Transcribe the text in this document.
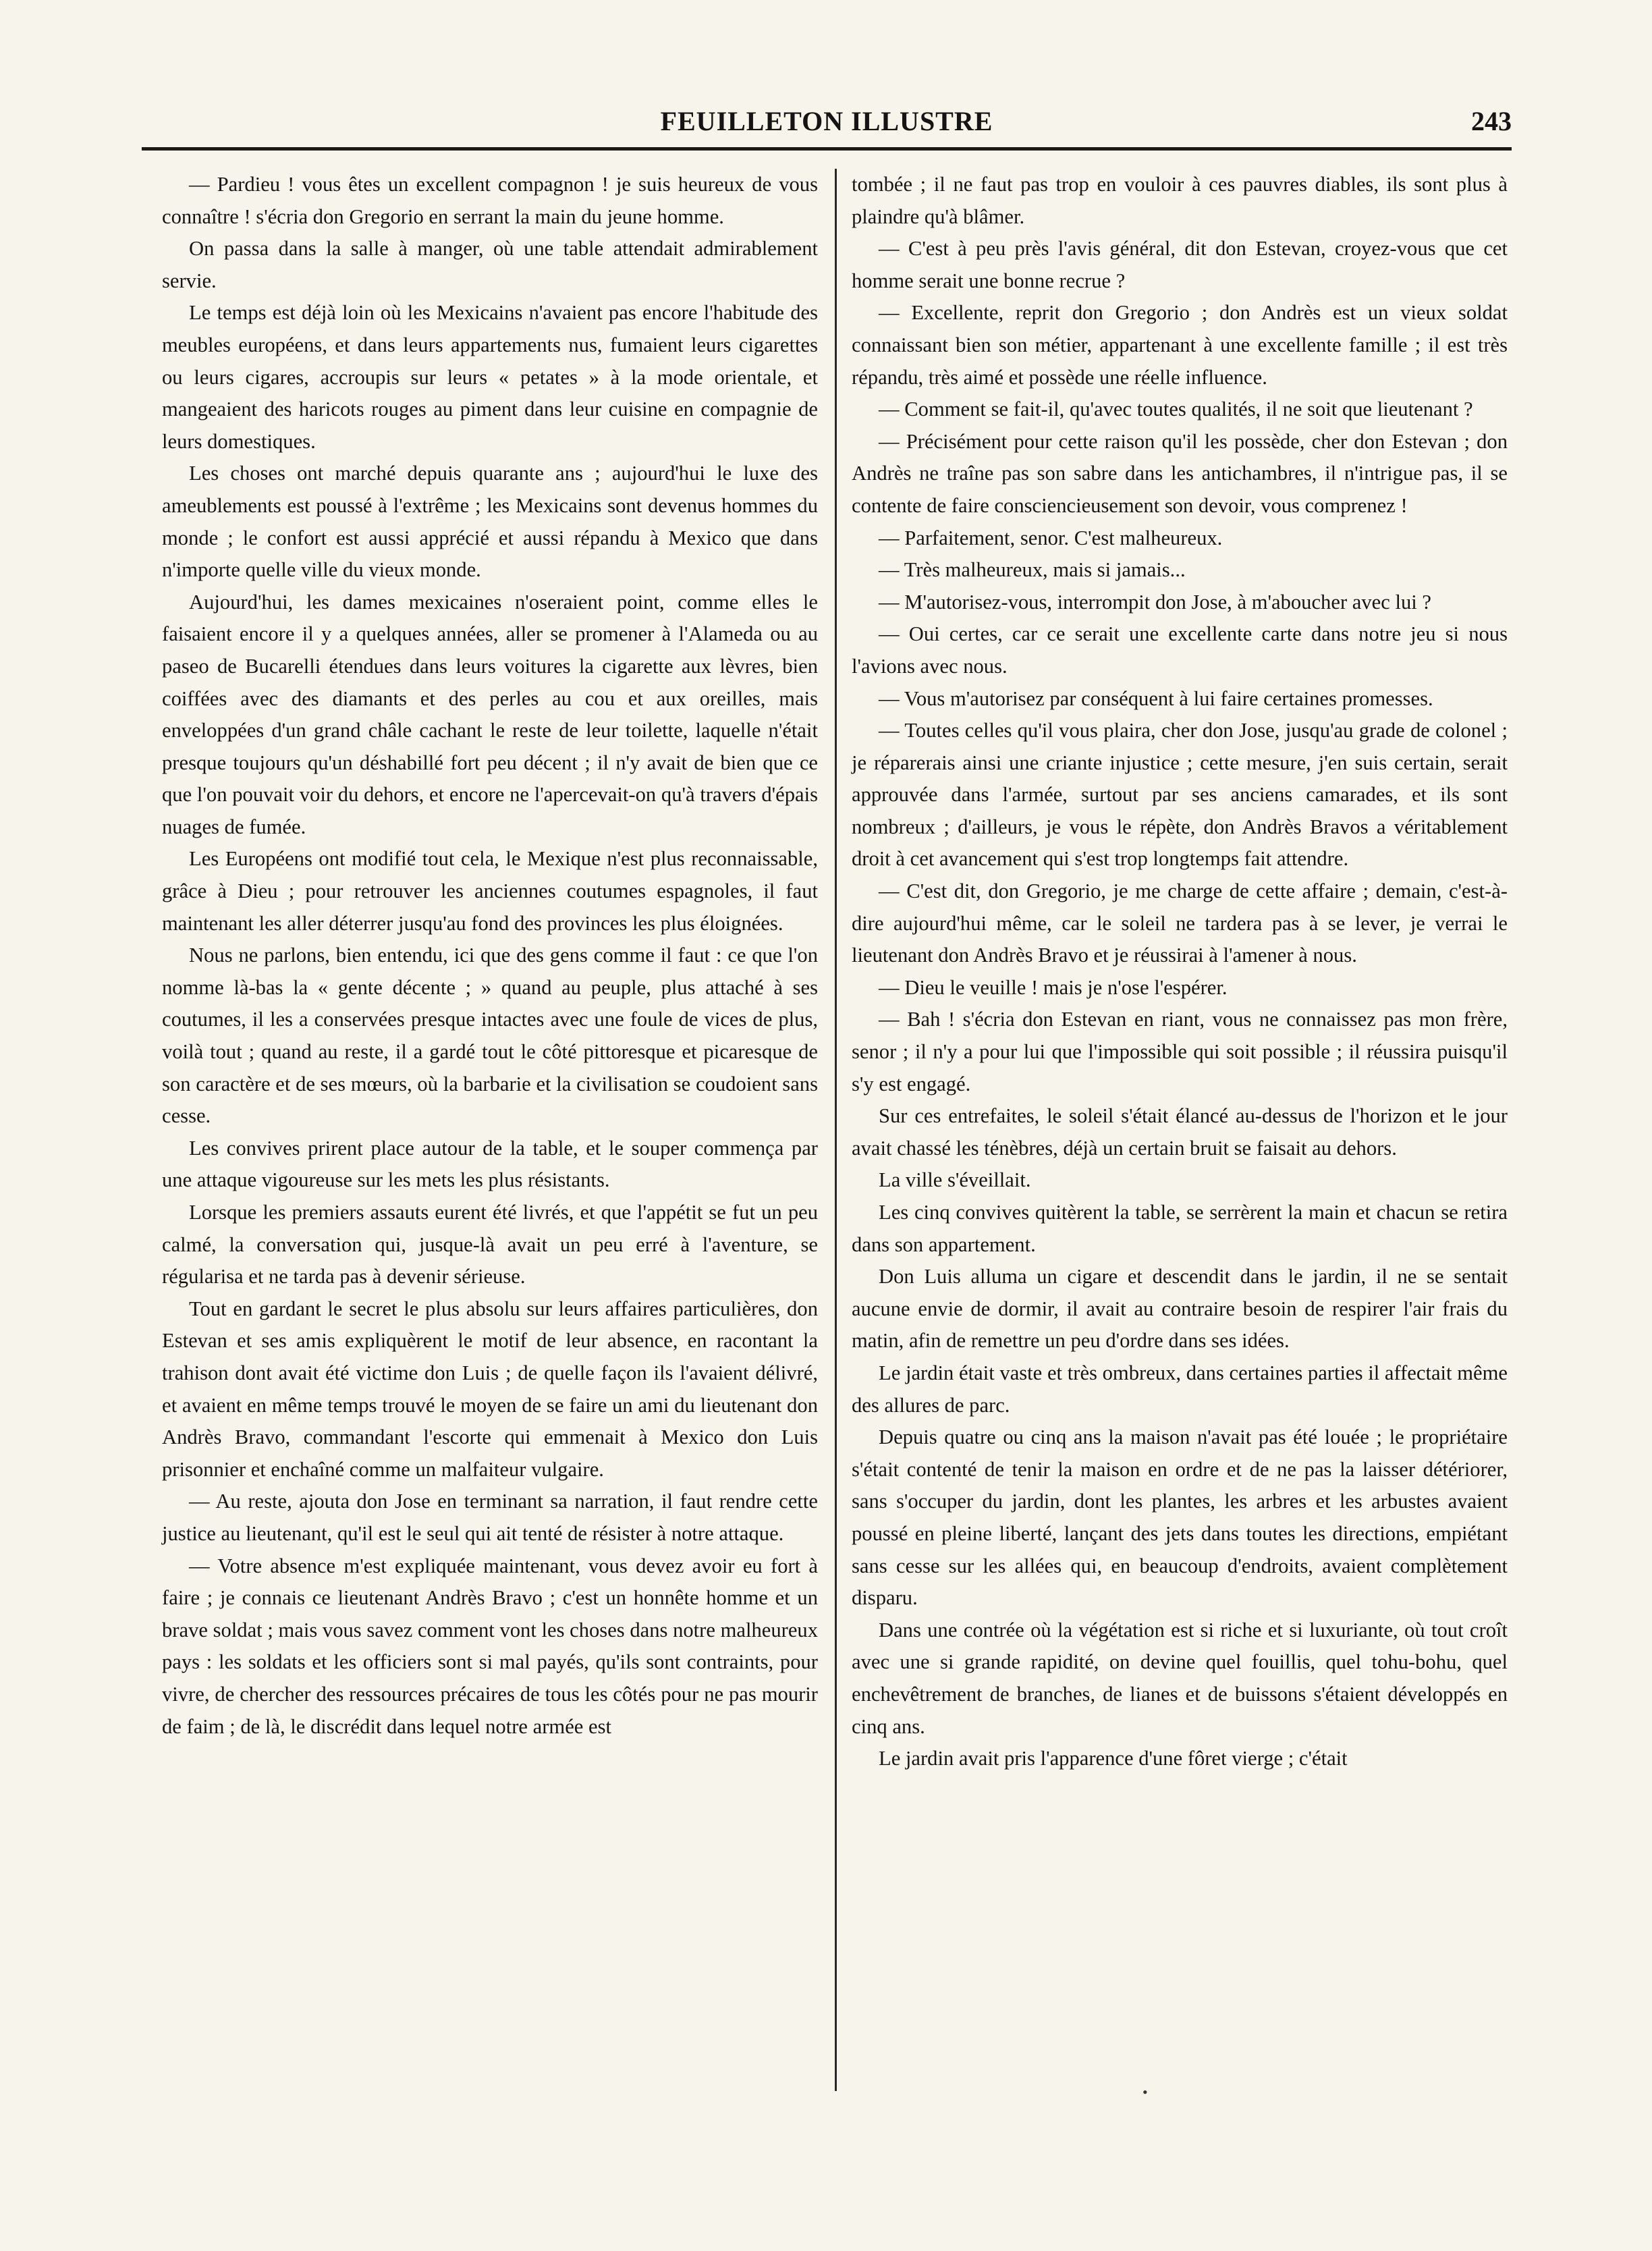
FEUILLETON ILLUSTRE	243

— Pardieu ! vous êtes un excellent compagnon ! je suis heureux de vous connaître ! s'écria don Gregorio en serrant la main du jeune homme.

On passa dans la salle à manger, où une table attendait admirablement servie.

Le temps est déjà loin où les Mexicains n'avaient pas encore l'habitude des meubles européens, et dans leurs appartements nus, fumaient leurs cigarettes ou leurs cigares, accroupis sur leurs « petates » à la mode orientale, et mangeaient des haricots rouges au piment dans leur cuisine en compagnie de leurs domestiques.

Les choses ont marché depuis quarante ans ; aujourd'hui le luxe des ameublements est poussé à l'extrême ; les Mexicains sont devenus hommes du monde ; le confort est aussi apprécié et aussi répandu à Mexico que dans n'importe quelle ville du vieux monde.

Aujourd'hui, les dames mexicaines n'oseraient point, comme elles le faisaient encore il y a quelques années, aller se promener à l'Alameda ou au paseo de Bucarelli étendues dans leurs voitures la cigarette aux lèvres, bien coiffées avec des diamants et des perles au cou et aux oreilles, mais enveloppées d'un grand châle cachant le reste de leur toilette, laquelle n'était presque toujours qu'un déshabillé fort peu décent ; il n'y avait de bien que ce que l'on pouvait voir du dehors, et encore ne l'apercevait-on qu'à travers d'épais nuages de fumée.

Les Européens ont modifié tout cela, le Mexique n'est plus reconnaissable, grâce à Dieu ; pour retrouver les anciennes coutumes espagnoles, il faut maintenant les aller déterrer jusqu'au fond des provinces les plus éloignées.

Nous ne parlons, bien entendu, ici que des gens comme il faut : ce que l'on nomme là-bas la « gente décente ; » quand au peuple, plus attaché à ses coutumes, il les a conservées presque intactes avec une foule de vices de plus, voilà tout ; quand au reste, il a gardé tout le côté pittoresque et picaresque de son caractère et de ses mœurs, où la barbarie et la civilisation se coudoient sans cesse.

Les convives prirent place autour de la table, et le souper commença par une attaque vigoureuse sur les mets les plus résistants.

Lorsque les premiers assauts eurent été livrés, et que l'appétit se fut un peu calmé, la conversation qui, jusque-là avait un peu erré à l'aventure, se régularisa et ne tarda pas à devenir sérieuse.

Tout en gardant le secret le plus absolu sur leurs affaires particulières, don Estevan et ses amis expliquèrent le motif de leur absence, en racontant la trahison dont avait été victime don Luis ; de quelle façon ils l'avaient délivré, et avaient en même temps trouvé le moyen de se faire un ami du lieutenant don Andrès Bravo, commandant l'escorte qui emmenait à Mexico don Luis prisonnier et enchaîné comme un malfaiteur vulgaire.

— Au reste, ajouta don Jose en terminant sa narration, il faut rendre cette justice au lieutenant, qu'il est le seul qui ait tenté de résister à notre attaque.

— Votre absence m'est expliquée maintenant, vous devez avoir eu fort à faire ; je connais ce lieutenant Andrès Bravo ; c'est un honnête homme et un brave soldat ; mais vous savez comment vont les choses dans notre malheureux pays : les soldats et les officiers sont si mal payés, qu'ils sont contraints, pour vivre, de chercher des ressources précaires de tous les côtés pour ne pas mourir de faim ; de là, le discrédit dans lequel notre armée est

tombée ; il ne faut pas trop en vouloir à ces pauvres diables, ils sont plus à plaindre qu'à blâmer.

— C'est à peu près l'avis général, dit don Estevan, croyez-vous que cet homme serait une bonne recrue ?

— Excellente, reprit don Gregorio ; don Andrès est un vieux soldat connaissant bien son métier, appartenant à une excellente famille ; il est très répandu, très aimé et possède une réelle influence.

— Comment se fait-il, qu'avec toutes qualités, il ne soit que lieutenant ?

— Précisément pour cette raison qu'il les possède, cher don Estevan ; don Andrès ne traîne pas son sabre dans les antichambres, il n'intrigue pas, il se contente de faire consciencieusement son devoir, vous comprenez !

— Parfaitement, senor. C'est malheureux.

— Très malheureux, mais si jamais...

— M'autorisez-vous, interrompit don Jose, à m'aboucher avec lui ?

— Oui certes, car ce serait une excellente carte dans notre jeu si nous l'avions avec nous.

— Vous m'autorisez par conséquent à lui faire certaines promesses.

— Toutes celles qu'il vous plaira, cher don Jose, jusqu'au grade de colonel ; je réparerais ainsi une criante injustice ; cette mesure, j'en suis certain, serait approuvée dans l'armée, surtout par ses anciens camarades, et ils sont nombreux ; d'ailleurs, je vous le répète, don Andrès Bravos a véritablement droit à cet avancement qui s'est trop longtemps fait attendre.

— C'est dit, don Gregorio, je me charge de cette affaire ; demain, c'est-à-dire aujourd'hui même, car le soleil ne tardera pas à se lever, je verrai le lieutenant don Andrès Bravo et je réussirai à l'amener à nous.

— Dieu le veuille ! mais je n'ose l'espérer.

— Bah ! s'écria don Estevan en riant, vous ne connaissez pas mon frère, senor ; il n'y a pour lui que l'impossible qui soit possible ; il réussira puisqu'il s'y est engagé.

Sur ces entrefaites, le soleil s'était élancé au-dessus de l'horizon et le jour avait chassé les ténèbres, déjà un certain bruit se faisait au dehors.

La ville s'éveillait.

Les cinq convives quitèrent la table, se serrèrent la main et chacun se retira dans son appartement.

Don Luis alluma un cigare et descendit dans le jardin, il ne se sentait aucune envie de dormir, il avait au contraire besoin de respirer l'air frais du matin, afin de remettre un peu d'ordre dans ses idées.

Le jardin était vaste et très ombreux, dans certaines parties il affectait même des allures de parc.

Depuis quatre ou cinq ans la maison n'avait pas été louée ; le propriétaire s'était contenté de tenir la maison en ordre et de ne pas la laisser détériorer, sans s'occuper du jardin, dont les plantes, les arbres et les arbustes avaient poussé en pleine liberté, lançant des jets dans toutes les directions, empiétant sans cesse sur les allées qui, en beaucoup d'endroits, avaient complètement disparu.

Dans une contrée où la végétation est si riche et si luxuriante, où tout croît avec une si grande rapidité, on devine quel fouillis, quel tohu-bohu, quel enchevêtrement de branches, de lianes et de buissons s'étaient développés en cinq ans.

Le jardin avait pris l'apparence d'une fôret vierge ; c'était

•
